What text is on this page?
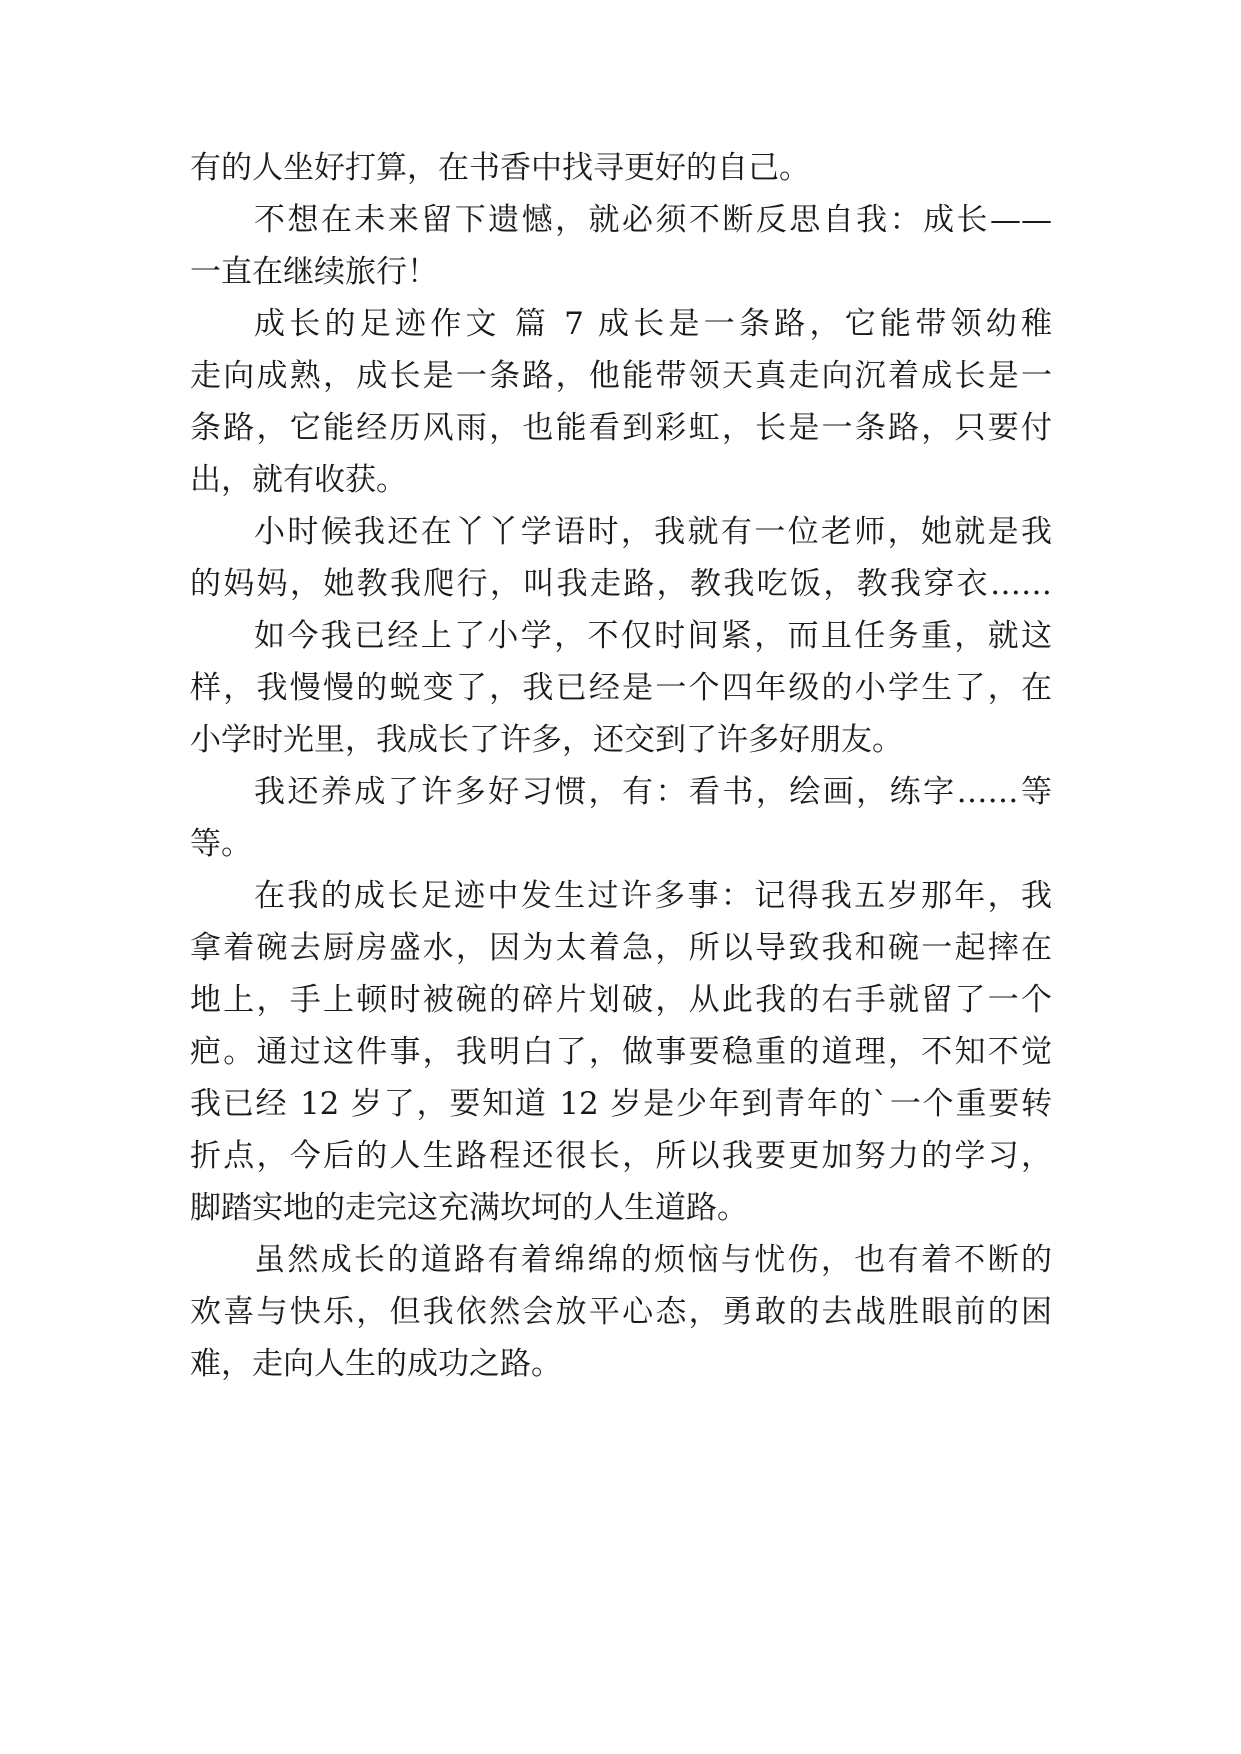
有的人坐好打算，在书香中找寻更好的自己。
不想在未来留下遗憾，就必须不断反思自我：成长——
一直在继续旅行！
成长的足迹作文 篇 7 成长是一条路，它能带领幼稚
走向成熟，成长是一条路，他能带领天真走向沉着成长是一
条路，它能经历风雨，也能看到彩虹，长是一条路，只要付
出，就有收获。
小时候我还在丫丫学语时，我就有一位老师，她就是我
的妈妈，她教我爬行，叫我走路，教我吃饭，教我穿衣……
如今我已经上了小学，不仅时间紧，而且任务重，就这
样，我慢慢的蜕变了，我已经是一个四年级的小学生了，在
小学时光里，我成长了许多，还交到了许多好朋友。
我还养成了许多好习惯，有：看书，绘画，练字……等
等。
在我的成长足迹中发生过许多事：记得我五岁那年，我
拿着碗去厨房盛水，因为太着急，所以导致我和碗一起摔在
地上，手上顿时被碗的碎片划破，从此我的右手就留了一个
疤。通过这件事，我明白了，做事要稳重的道理，不知不觉
我已经 12 岁了，要知道 12 岁是少年到青年的`一个重要转
折点，今后的人生路程还很长，所以我要更加努力的学习，
脚踏实地的走完这充满坎坷的人生道路。
虽然成长的道路有着绵绵的烦恼与忧伤，也有着不断的
欢喜与快乐，但我依然会放平心态，勇敢的去战胜眼前的困
难，走向人生的成功之路。
